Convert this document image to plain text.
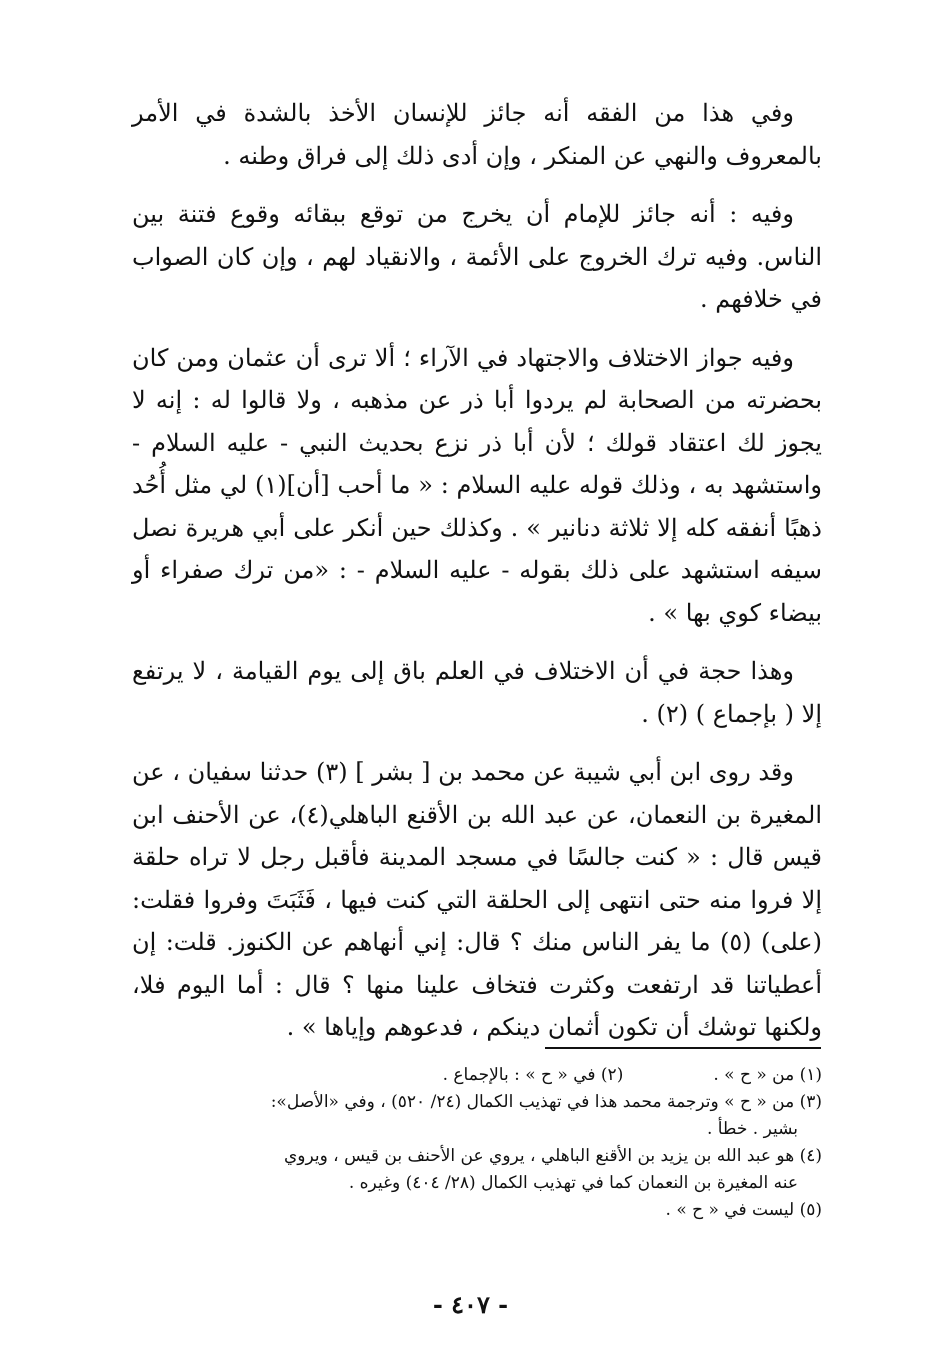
وفي هذا من الفقه أنه جائز للإنسان الأخذ بالشدة في الأمر بالمعروف والنهي عن المنكر ، وإن أدى ذلك إلى فراق وطنه .

وفيه : أنه جائز للإمام أن يخرج من توقع ببقائه وقوع فتنة بين الناس. وفيه ترك الخروج على الأئمة ، والانقياد لهم ، وإن كان الصواب في خلافهم .

وفيه جواز الاختلاف والاجتهاد في الآراء ؛ ألا ترى أن عثمان ومن كان بحضرته من الصحابة لم يردوا أبا ذر عن مذهبه ، ولا قالوا له : إنه لا يجوز لك اعتقاد قولك ؛ لأن أبا ذر نزع بحديث النبي - عليه السلام - واستشهد به ، وذلك قوله عليه السلام : « ما أحب [أن](١) لي مثل أُحُد ذهبًا أنفقه كله إلا ثلاثة دنانير » . وكذلك حين أنكر على أبي هريرة نصل سيفه استشهد على ذلك بقوله - عليه السلام - : «من ترك صفراء أو بيضاء كوي بها » .

وهذا حجة في أن الاختلاف في العلم باق إلى يوم القيامة ، لا يرتفع إلا ( بإجماع ) (٢) .

وقد روى ابن أبي شيبة عن محمد بن [ بشر ] (٣) حدثنا سفيان ، عن المغيرة بن النعمان، عن عبد الله بن الأقنع الباهلي(٤)، عن الأحنف ابن قيس قال : « كنت جالسًا في مسجد المدينة فأقبل رجل لا تراه حلقة إلا فروا منه حتى انتهى إلى الحلقة التي كنت فيها ، فَثَبَتَ وفروا فقلت: (على) (٥) ما يفر الناس منك ؟ قال: إني أنهاهم عن الكنوز. قلت: إن أعطياتنا قد ارتفعت وكثرت فتخاف علينا منها ؟ قال : أما اليوم فلا، ولكنها توشك أن تكون أثمان دينكم ، فدعوهم وإياها » .

(١) من « ح » .(٢) في « ح » : بالإجماع .

(٣) من « ح » وترجمة محمد هذا في تهذيب الكمال (٢٤/ ٥٢٠) ، وفي «الأصل»:

بشير . خطأ .

(٤) هو عبد الله بن يزيد بن الأقنع الباهلي ، يروي عن الأحنف بن قيس ، ويروي

عنه المغيرة بن النعمان كما في تهذيب الكمال (٢٨/ ٤٠٤) وغيره .

(٥) ليست في « ح » .

- ٤٠٧ -
